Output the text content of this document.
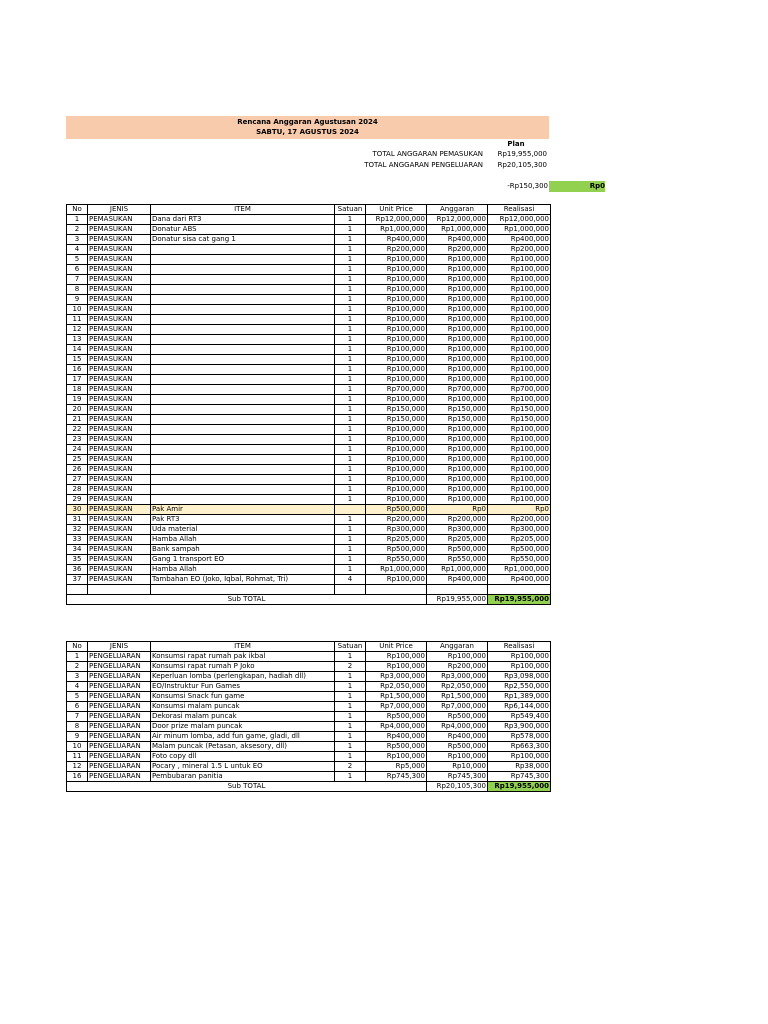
Rencana Anggaran Agustusan 2024
SABTU, 17 AGUSTUS 2024
Plan
TOTAL ANGGARAN PEMASUKAN Rp19,955,000
TOTAL ANGGARAN PENGELUARAN Rp20,105,300
-Rp150,300	Rp0
No	JENIS	ITEM	Satuan	Unit Price	Anggaran	Realisasi
1	PEMASUKAN	Dana dari RT3	1	Rp12,000,000	Rp12,000,000	Rp12,000,000
2	PEMASUKAN	Donatur ABS	1	Rp1,000,000	Rp1,000,000	Rp1,000,000
3	PEMASUKAN	Donatur sisa cat gang 1	1	Rp400,000	Rp400,000	Rp400,000
4	PEMASUKAN		1	Rp200,000	Rp200,000	Rp200,000
5	PEMASUKAN		1	Rp100,000	Rp100,000	Rp100,000
6	PEMASUKAN		1	Rp100,000	Rp100,000	Rp100,000
7	PEMASUKAN		1	Rp100,000	Rp100,000	Rp100,000
8	PEMASUKAN		1	Rp100,000	Rp100,000	Rp100,000
9	PEMASUKAN		1	Rp100,000	Rp100,000	Rp100,000
10	PEMASUKAN		1	Rp100,000	Rp100,000	Rp100,000
11	PEMASUKAN		1	Rp100,000	Rp100,000	Rp100,000
12	PEMASUKAN		1	Rp100,000	Rp100,000	Rp100,000
13	PEMASUKAN		1	Rp100,000	Rp100,000	Rp100,000
14	PEMASUKAN		1	Rp100,000	Rp100,000	Rp100,000
15	PEMASUKAN		1	Rp100,000	Rp100,000	Rp100,000
16	PEMASUKAN		1	Rp100,000	Rp100,000	Rp100,000
17	PEMASUKAN		1	Rp100,000	Rp100,000	Rp100,000
18	PEMASUKAN		1	Rp700,000	Rp700,000	Rp700,000
19	PEMASUKAN		1	Rp100,000	Rp100,000	Rp100,000
20	PEMASUKAN		1	Rp150,000	Rp150,000	Rp150,000
21	PEMASUKAN		1	Rp150,000	Rp150,000	Rp150,000
22	PEMASUKAN		1	Rp100,000	Rp100,000	Rp100,000
23	PEMASUKAN		1	Rp100,000	Rp100,000	Rp100,000
24	PEMASUKAN		1	Rp100,000	Rp100,000	Rp100,000
25	PEMASUKAN		1	Rp100,000	Rp100,000	Rp100,000
26	PEMASUKAN		1	Rp100,000	Rp100,000	Rp100,000
27	PEMASUKAN		1	Rp100,000	Rp100,000	Rp100,000
28	PEMASUKAN		1	Rp100,000	Rp100,000	Rp100,000
29	PEMASUKAN		1	Rp100,000	Rp100,000	Rp100,000
30	PEMASUKAN	Pak Amir		Rp500,000	Rp0	Rp0
31	PEMASUKAN	Pak RT3	1	Rp200,000	Rp200,000	Rp200,000
32	PEMASUKAN	Uda material	1	Rp300,000	Rp300,000	Rp300,000
33	PEMASUKAN	Hamba Allah	1	Rp205,000	Rp205,000	Rp205,000
34	PEMASUKAN	Bank sampah	1	Rp500,000	Rp500,000	Rp500,000
35	PEMASUKAN	Gang 1 transport EO	1	Rp550,000	Rp550,000	Rp550,000
36	PEMASUKAN	Hamba Allah	1	Rp1,000,000	Rp1,000,000	Rp1,000,000
37	PEMASUKAN	Tambahan EO (Joko, Iqbal, Rohmat, Tri)	4	Rp100,000	Rp400,000	Rp400,000

Sub TOTAL					Rp19,955,000	Rp19,955,000
No	JENIS	ITEM	Satuan	Unit Price	Anggaran	Realisasi
1	PENGELUARAN	Konsumsi rapat rumah pak ikbal	1	Rp100,000	Rp100,000	Rp100,000
2	PENGELUARAN	Konsumsi rapat rumah P Joko	2	Rp100,000	Rp200,000	Rp100,000
3	PENGELUARAN	Keperluan lomba (perlengkapan, hadiah dll)	1	Rp3,000,000	Rp3,000,000	Rp3,098,000
4	PENGELUARAN	EO/Instruktur Fun Games	1	Rp2,050,000	Rp2,050,000	Rp2,550,000
5	PENGELUARAN	Konsumsi Snack fun game	1	Rp1,500,000	Rp1,500,000	Rp1,389,000
6	PENGELUARAN	Konsumsi malam puncak	1	Rp7,000,000	Rp7,000,000	Rp6,144,000
7	PENGELUARAN	Dekorasi malam puncak	1	Rp500,000	Rp500,000	Rp549,400
8	PENGELUARAN	Door prize malam puncak	1	Rp4,000,000	Rp4,000,000	Rp3,900,000
9	PENGELUARAN	Air minum lomba, add fun game, gladi, dll	1	Rp400,000	Rp400,000	Rp578,000
10	PENGELUARAN	Malam puncak (Petasan, aksesory, dll)	1	Rp500,000	Rp500,000	Rp663,300
11	PENGELUARAN	Foto copy dll	1	Rp100,000	Rp100,000	Rp100,000
12	PENGELUARAN	Pocary , mineral 1.5 L untuk EO	2	Rp5,000	Rp10,000	Rp38,000
16	PENGELUARAN	Pembubaran panitia	1	Rp745,300	Rp745,300	Rp745,300
Sub TOTAL					Rp20,105,300	Rp19,955,000
